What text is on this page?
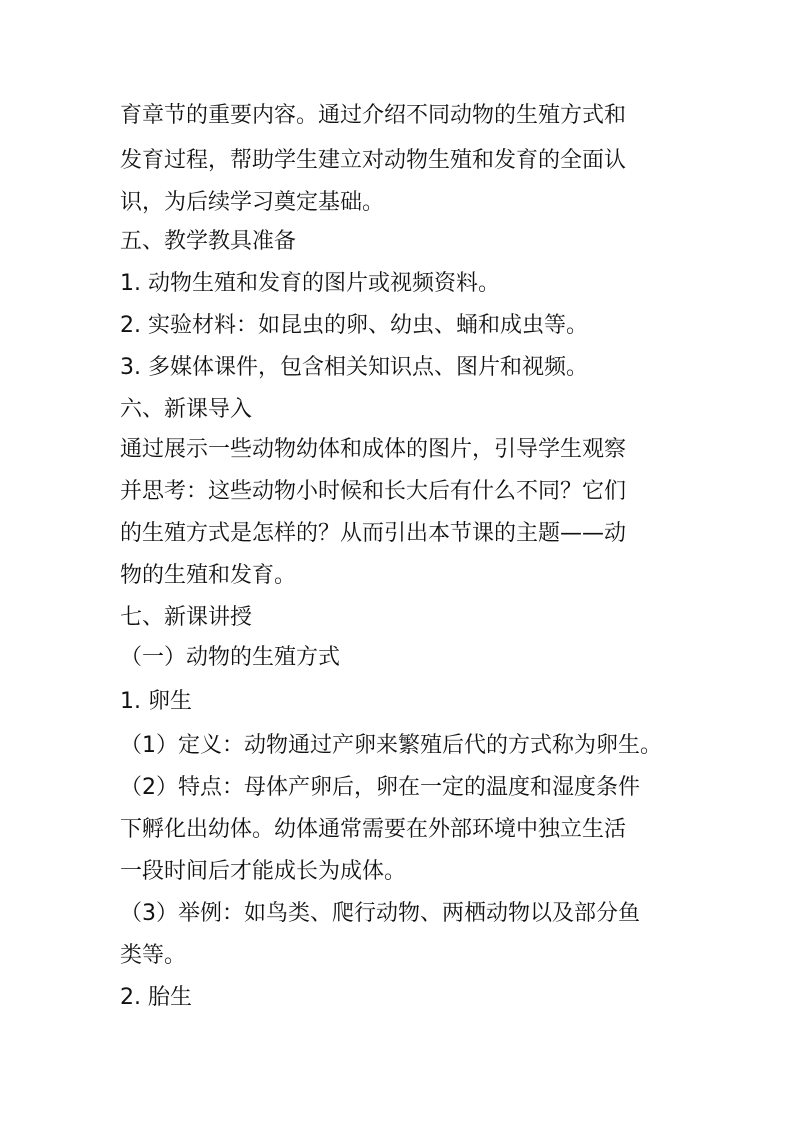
育章节的重要内容。通过介绍不同动物的生殖方式和
发育过程，帮助学生建立对动物生殖和发育的全面认
识，为后续学习奠定基础。
五、教学教具准备
1. 动物生殖和发育的图片或视频资料。
2. 实验材料：如昆虫的卵、幼虫、蛹和成虫等。
3. 多媒体课件，包含相关知识点、图片和视频。
六、新课导入
通过展示一些动物幼体和成体的图片，引导学生观察
并思考：这些动物小时候和长大后有什么不同？它们
的生殖方式是怎样的？从而引出本节课的主题——动
物的生殖和发育。
七、新课讲授
（一）动物的生殖方式
1. 卵生
（1）定义：动物通过产卵来繁殖后代的方式称为卵生。
（2）特点：母体产卵后，卵在一定的温度和湿度条件
下孵化出幼体。幼体通常需要在外部环境中独立生活
一段时间后才能成长为成体。
（3）举例：如鸟类、爬行动物、两栖动物以及部分鱼
类等。
2. 胎生
